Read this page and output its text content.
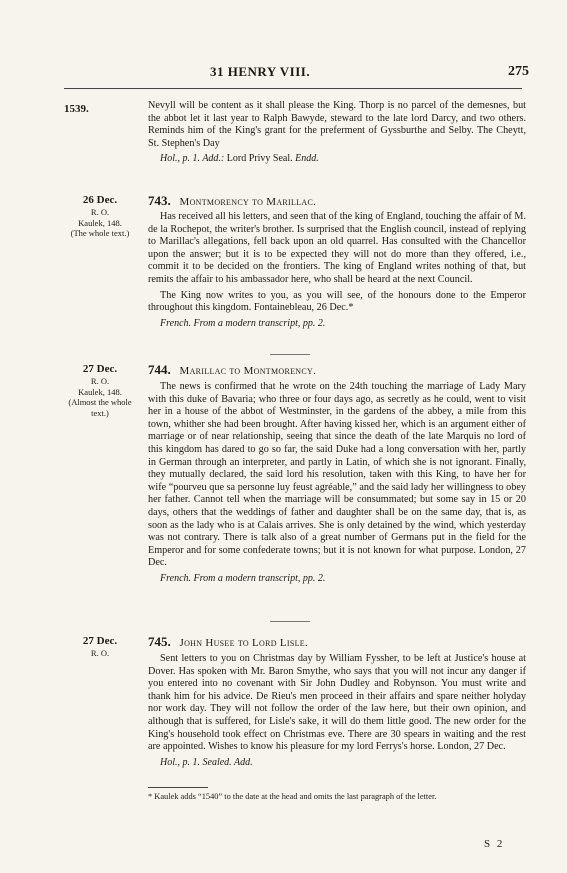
31 HENRY VIII.	275
1539.	Nevyll will be content as it shall please the King. Thorp is no parcel of the demesnes, but the abbot let it last year to Ralph Bawyde, steward to the late lord Darcy, and two others. Reminds him of the King's grant for the preferment of Gyssburthe and Selby. The Cheytt, St. Stephen's Day

Hol., p. 1. Add.: Lord Privy Seal. Endd.
26 Dec.
R. O.
Kaulek, 148.
(The whole text.)
743. Montmorency to Marillac.

Has received all his letters, and seen that of the king of England, touching the affair of M. de la Rochepot, the writer's brother. Is surprised that the English council, instead of replying to Marillac's allegations, fell back upon an old quarrel. Has consulted with the Chancellor upon the answer; but it is to be expected they will not do more than they offered, i.e., commit it to be decided on the frontiers. The king of England writes nothing of that, but remits the affair to his ambassador here, who shall be heard at the next Council.

The King now writes to you, as you will see, of the honours done to the Emperor throughout this kingdom. Fontainebleau, 26 Dec.*

French. From a modern transcript, pp. 2.
27 Dec.
R. O.
Kaulek, 148.
(Almost the whole text.)
744. Marillac to Montmorency.

The news is confirmed that he wrote on the 24th touching the marriage of Lady Mary with this duke of Bavaria; who three or four days ago, as secretly as he could, went to visit her in a house of the abbot of Westminster, in the gardens of the abbey, a mile from this town, whither she had been brought. After having kissed her, which is an argument either of marriage or of near relationship, seeing that since the death of the late Marquis no lord of this kingdom has dared to go so far, the said Duke had a long conversation with her, partly in German through an interpreter, and partly in Latin, of which she is not ignorant. Finally, they mutually declared, the said lord his resolution, taken with this King, to have her for wife “pourveu que sa personne luy feust agréable,” and the said lady her willingness to obey her father. Cannot tell when the marriage will be consummated; but some say in 15 or 20 days, others that the weddings of father and daughter shall be on the same day, that is, as soon as the lady who is at Calais arrives. She is only detained by the wind, which yesterday was not contrary. There is talk also of a great number of Germans put in the field for the Emperor and for some confederate towns; but it is not known for what purpose. London, 27 Dec.

French. From a modern transcript, pp. 2.
27 Dec.
R. O.
745. John Husee to Lord Lisle.

Sent letters to you on Christmas day by William Fyssher, to be left at Justice's house at Dover. Has spoken with Mr. Baron Smythe, who says that you will not incur any danger if you entered into no covenant with Sir John Dudley and Robynson. You must write and thank him for his advice. De Rieu's men proceed in their affairs and spare neither holyday nor work day. They will not follow the order of the law here, but their own opinion, and although that is suffered, for Lisle's sake, it will do them little good. The new order for the King's household took effect on Christmas eve. There are 30 spears in waiting and the rest are appointed. Wishes to know his pleasure for my lord Ferrys's horse. London, 27 Dec.

Hol., p. 1. Sealed. Add.
* Kaulek adds “1540” to the date at the head and omits the last paragraph of the letter.
S 2
